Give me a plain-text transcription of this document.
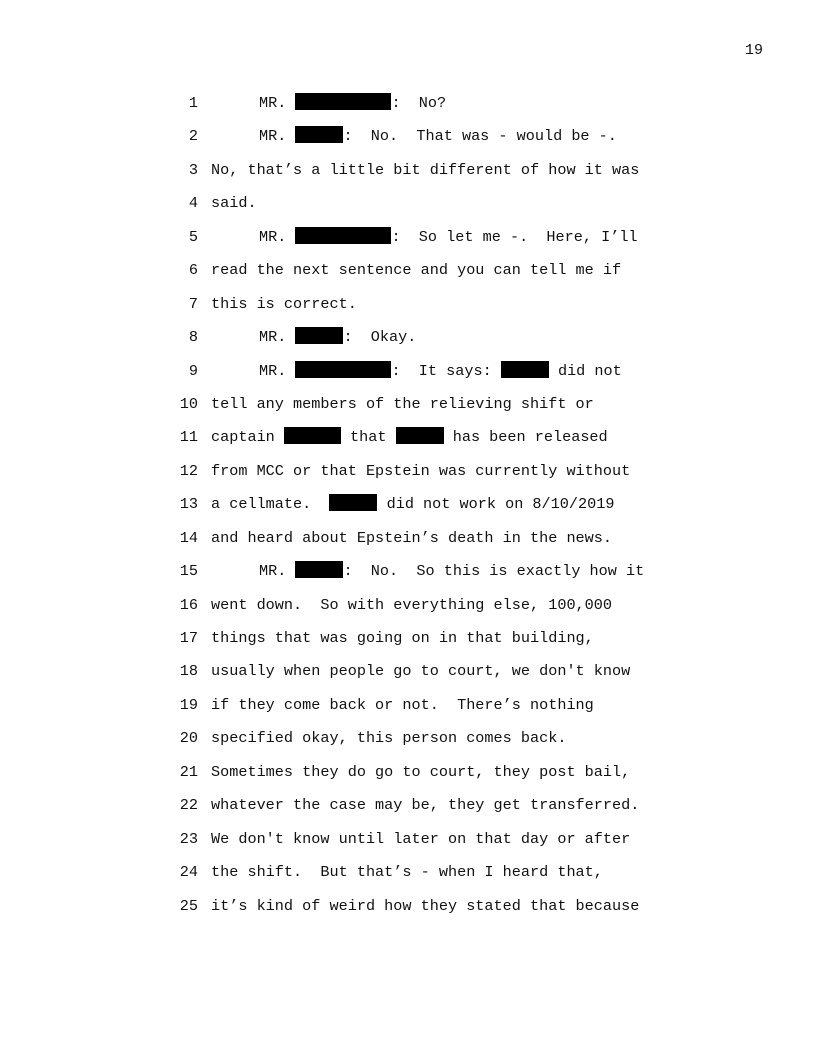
19
1	MR.	:  No?
2	MR.	:  No.  That was - would be -.
3 No, that’s a little bit different of how it was
4 said.
5	MR.	:  So let me -.  Here, I’ll
6 read the next sentence and you can tell me if
7 this is correct.
8	MR.	:  Okay.
9	MR.	:  It says:	did not
10 tell any members of the relieving shift or
11 captain	that	has been released
12 from MCC or that Epstein was currently without
13 a cellmate.	did not work on 8/10/2019
14 and heard about Epstein’s death in the news.
15	MR.	:  No.  So this is exactly how it
16 went down.  So with everything else, 100,000
17 things that was going on in that building,
18 usually when people go to court, we don't know
19 if they come back or not.  There’s nothing
20 specified okay, this person comes back.
21 Sometimes they do go to court, they post bail,
22 whatever the case may be, they get transferred.
23 We don't know until later on that day or after
24 the shift.  But that’s - when I heard that,
25 it’s kind of weird how they stated that because
